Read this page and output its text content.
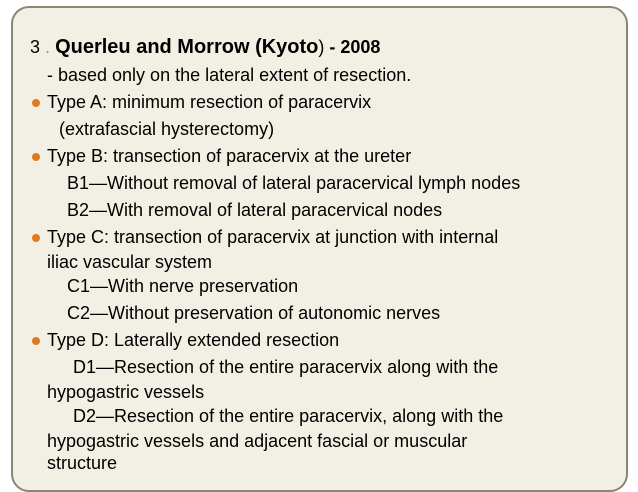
3 . Querleu and Morrow (Kyoto) - 2008
- based only on the lateral extent of resection.
Type A: minimum resection of paracervix
(extrafascial hysterectomy)
Type B: transection of paracervix at the ureter
B1—Without removal of lateral paracervical lymph nodes
B2—With removal of lateral paracervical nodes
Type C: transection of paracervix at junction with internal
iliac vascular system
C1—With nerve preservation
C2—Without preservation of autonomic nerves
Type D: Laterally extended resection
D1—Resection of the entire paracervix along with the
hypogastric vessels
D2—Resection of the entire paracervix, along with the
hypogastric vessels and adjacent fascial or muscular
structure
